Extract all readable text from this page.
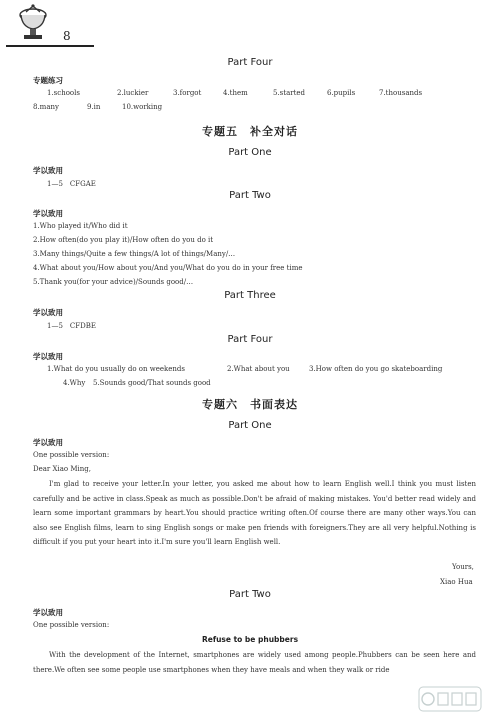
8
Part Four
专题练习
1.schools	2.luckier	3.forgot	4.them	5.started	6.pupils	7.thousands
8.many	9.in	10.working
专题五　补全对话
Part One
学以致用
1—5　CFGAE
Part Two
学以致用
1.Who played it/Who did it
2.How often(do you play it)/How often do you do it
3.Many things/Quite a few things/A lot of things/Many/…
4.What about you/How about you/And you/What do you do in your free time
5.Thank you(for your advice)/Sounds good/…
Part Three
学以致用
1—5　CFDBE
Part Four
学以致用
1.What do you usually do on weekends	2.What about you	3.How often do you go skateboarding
4.Why 5.Sounds good/That sounds good
专题六　书面表达
Part One
学以致用
One possible version:
Dear Xiao Ming,

I'm glad to receive your letter.In your letter, you asked me about how to learn English well.I think you must listen carefully and be active in class.Speak as much as possible.Don't be afraid of making mistakes. You'd better read widely and learn some important grammars by heart.You should practice writing often.Of course there are many other ways.You can also see English films, learn to sing English songs or make pen friends with foreigners.They are all very helpful.Nothing is difficult if you put your heart into it.I'm sure you'll learn English well.

Yours,
Xiao Hua
Part Two
学以致用
One possible version:
Refuse to be phubbers

With the development of the Internet, smartphones are widely used among people.Phubbers can be seen here and there.We often see some people use smartphones when they have meals and when they walk or ride
